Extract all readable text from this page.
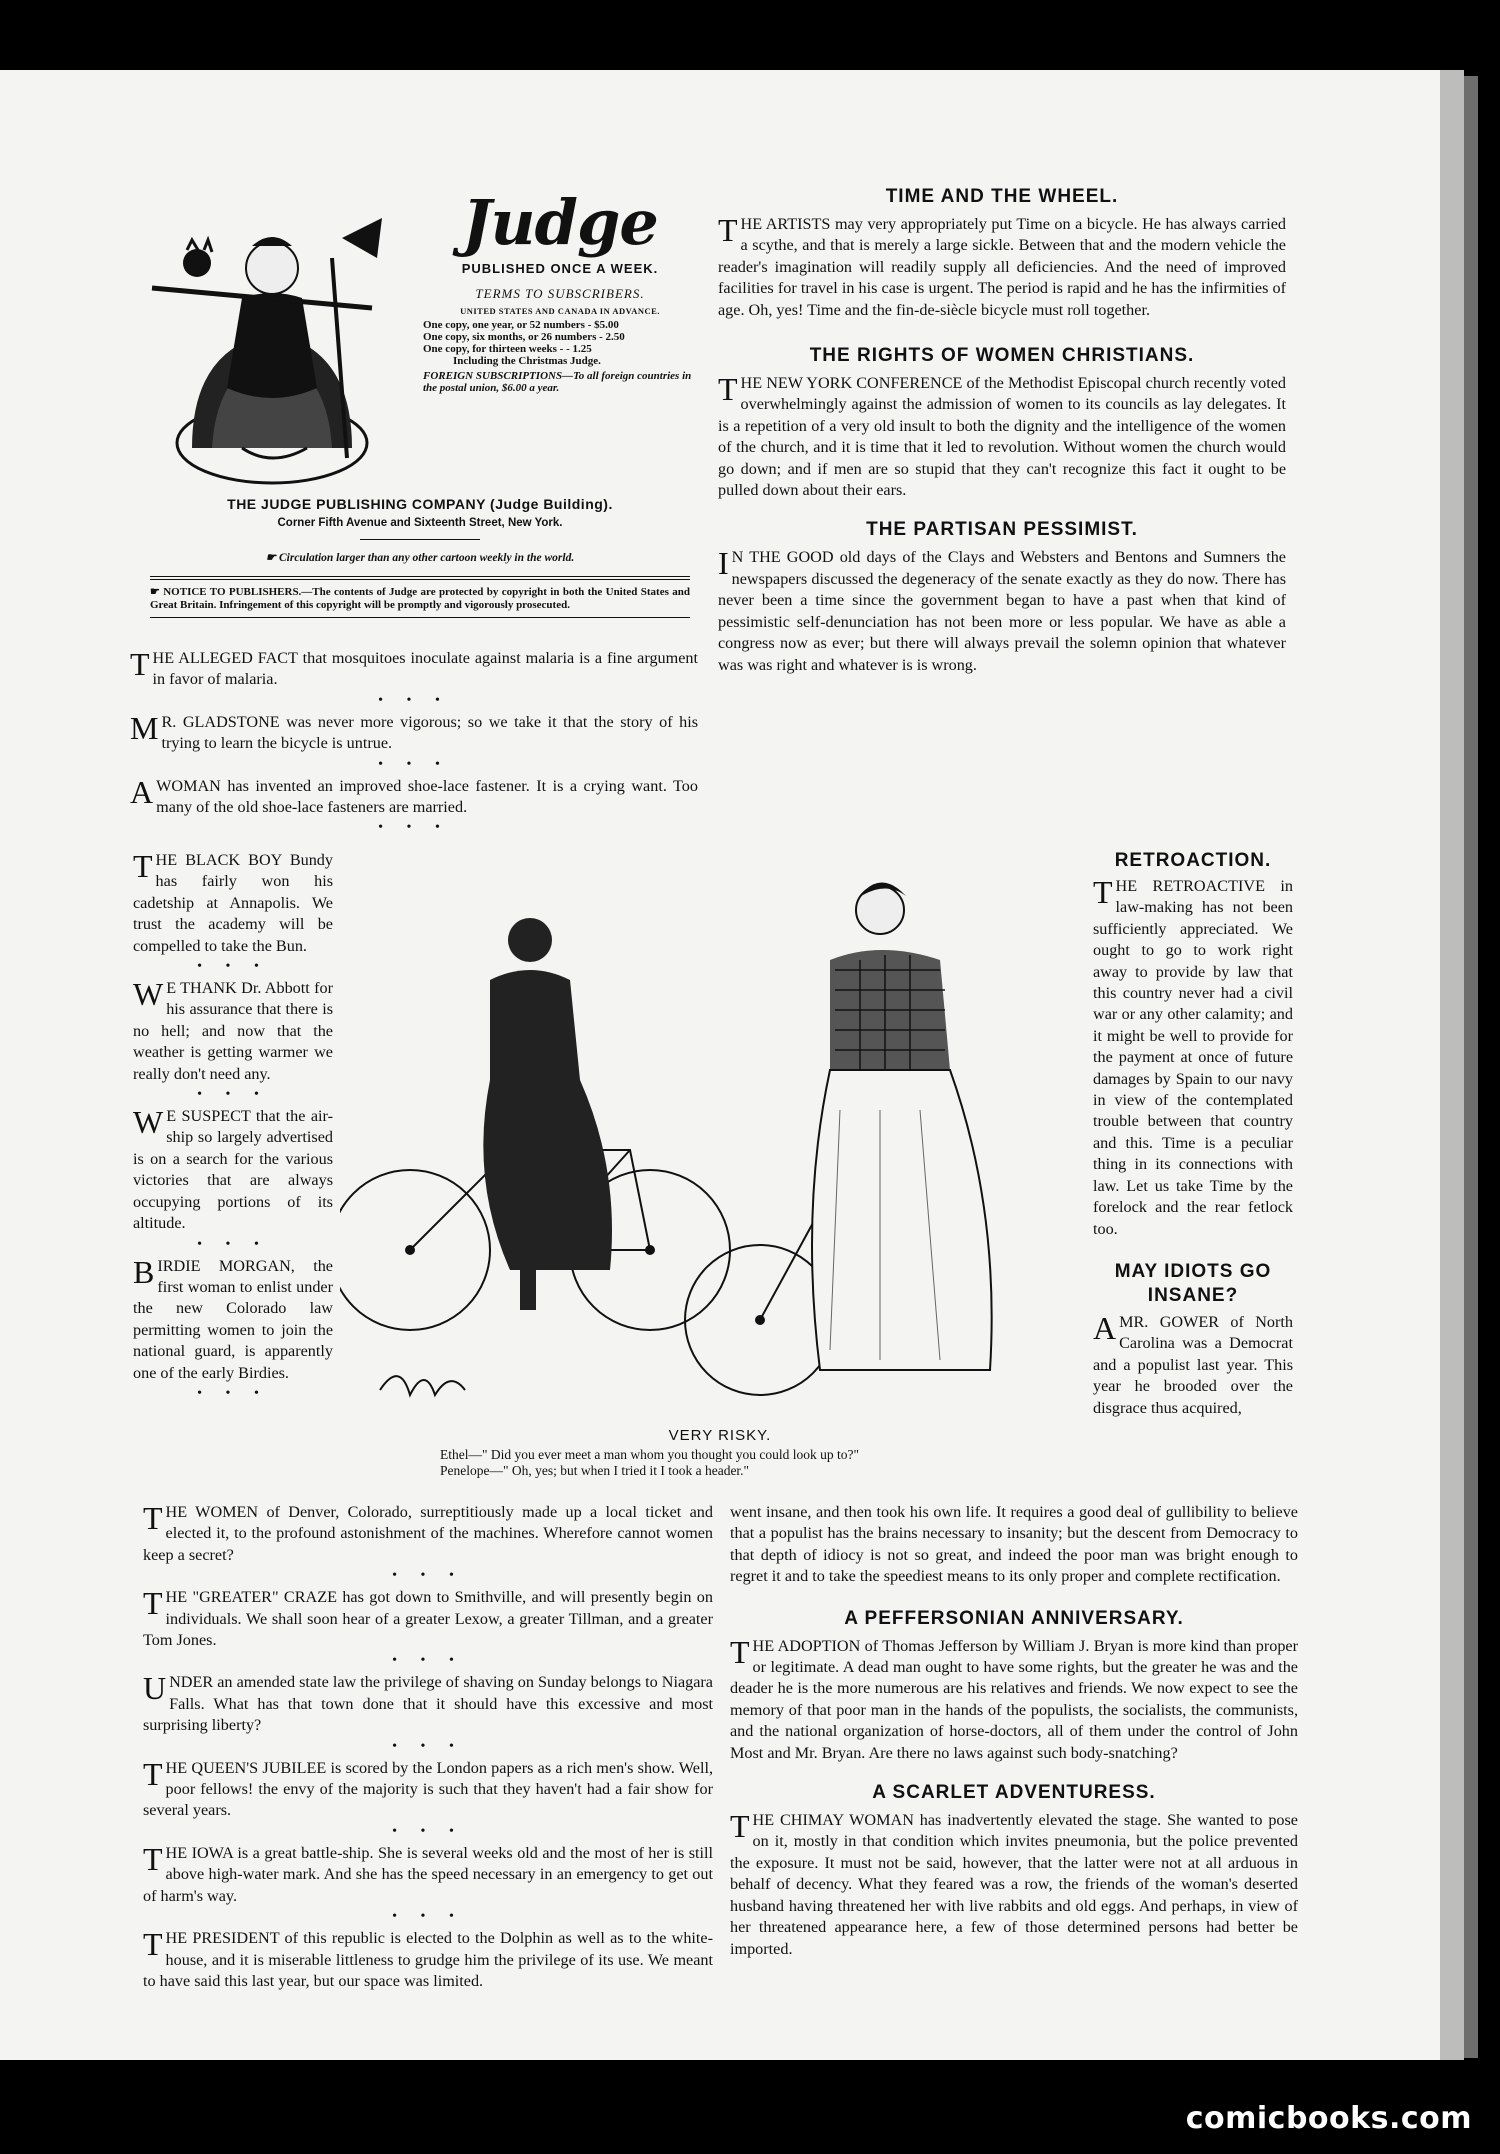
Judge
PUBLISHED ONCE A WEEK.
TERMS TO SUBSCRIBERS.
UNITED STATES AND CANADA IN ADVANCE.
One copy, one year, or 52 numbers - $5.00
One copy, six months, or 26 numbers - 2.50
One copy, for thirteen weeks - - 1.25
Including the Christmas Judge.
FOREIGN SUBSCRIPTIONS—To all foreign countries in the postal union, $6.00 a year.
THE JUDGE PUBLISHING COMPANY (Judge Building).
Corner Fifth Avenue and Sixteenth Street, New York.
☛ Circulation larger than any other cartoon weekly in the world.
☛ NOTICE TO PUBLISHERS.—The contents of Judge are protected by copyright in both the United States and Great Britain. Infringement of this copyright will be promptly and vigorously prosecuted.

THE ALLEGED FACT that mosquitoes inoculate against malaria is a fine argument in favor of malaria.

• • •

M R. GLADSTONE was never more vigorous; so we take it that the story of his trying to learn the bicycle is untrue.

• • •

A WOMAN has invented an improved shoe-lace fastener. It is a crying want. Too many of the old shoe-lace fasteners are married.

• • •

THE BLACK BOY Bundy has fairly won his cadetship at Annapolis. We trust the academy will be compelled to take the Bun.

• • •

W E THANK Dr. Abbott for his assurance that there is no hell; and now that the weather is getting warmer we really don't need any.

• • •

W E SUSPECT that the air-ship so largely advertised is on a search for the various victories that are always occupying portions of its altitude.

• • •

BIRDIE MORGAN, the first woman to enlist under the new Colorado law permitting women to join the national guard, is apparently one of the early Birdies.

• • •
VERY RISKY.
Ethel—" Did you ever meet a man whom you thought you could look up to?"
Penelope—" Oh, yes; but when I tried it I took a header."

THE WOMEN of Denver, Colorado, surreptitiously made up a local ticket and elected it, to the profound astonishment of the machines. Wherefore cannot women keep a secret?

• • •

THE "GREATER" CRAZE has got down to Smithville, and will presently begin on individuals. We shall soon hear of a greater Lexow, a greater Tillman, and a greater Tom Jones.

• • •

UNDER an amended state law the privilege of shaving on Sunday belongs to Niagara Falls. What has that town done that it should have this excessive and most surprising liberty?

• • •

THE QUEEN'S JUBILEE is scored by the London papers as a rich men's show. Well, poor fellows! the envy of the majority is such that they haven't had a fair show for several years.

• • •

THE IOWA is a great battle-ship. She is several weeks old and the most of her is still above high-water mark. And she has the speed necessary in an emergency to get out of harm's way.

• • •

THE PRESIDENT of this republic is elected to the Dolphin as well as to the white-house, and it is miserable littleness to grudge him the privilege of its use. We meant to have said this last year, but our space was limited.

TIME AND THE WHEEL.

THE ARTISTS may very appropriately put Time on a bicycle. He has always carried a scythe, and that is merely a large sickle. Between that and the modern vehicle the reader's imagination will readily supply all deficiencies. And the need of improved facilities for travel in his case is urgent. The period is rapid and he has the infirmities of age. Oh, yes! Time and the fin-de-siècle bicycle must roll together.

THE RIGHTS OF WOMEN CHRISTIANS.

THE NEW YORK CONFERENCE of the Methodist Episcopal church recently voted overwhelmingly against the admission of women to its councils as lay delegates. It is a repetition of a very old insult to both the dignity and the intelligence of the women of the church, and it is time that it led to revolution. Without women the church would go down; and if men are so stupid that they can't recognize this fact it ought to be pulled down about their ears.

THE PARTISAN PESSIMIST.

I N THE GOOD old days of the Clays and Websters and Bentons and Sumners the newspapers discussed the degeneracy of the senate exactly as they do now. There has never been a time since the government began to have a past when that kind of pessimistic self-denunciation has not been more or less popular. We have as able a congress now as ever; but there will always prevail the solemn opinion that whatever was was right and whatever is is wrong.

RETROACTION.

THE RETROACTIVE in law-making has not been sufficiently appreciated. We ought to go to work right away to provide by law that this country never had a civil war or any other calamity; and it might be well to provide for the payment at once of future damages by Spain to our navy in view of the contemplated trouble between that country and this. Time is a peculiar thing in its connections with law. Let us take Time by the forelock and the rear fetlock too.

MAY IDIOTS GO INSANE?

A MR. GOWER of North Carolina was a Democrat and a populist last year. This year he brooded over the disgrace thus acquired,

went insane, and then took his own life. It requires a good deal of gullibility to believe that a populist has the brains necessary to insanity; but the descent from Democracy to that depth of idiocy is not so great, and indeed the poor man was bright enough to regret it and to take the speediest means to its only proper and complete rectification.

A PEFFERSONIAN ANNIVERSARY.

THE ADOPTION of Thomas Jefferson by William J. Bryan is more kind than proper or legitimate. A dead man ought to have some rights, but the greater he was and the deader he is the more numerous are his relatives and friends. We now expect to see the memory of that poor man in the hands of the populists, the socialists, the communists, and the national organization of horse-doctors, all of them under the control of John Most and Mr. Bryan. Are there no laws against such body-snatching?

A SCARLET ADVENTURESS.

THE CHIMAY WOMAN has inadvertently elevated the stage. She wanted to pose on it, mostly in that condition which invites pneumonia, but the police prevented the exposure. It must not be said, however, that the latter were not at all arduous in behalf of decency. What they feared was a row, the friends of the woman's deserted husband having threatened her with live rabbits and old eggs. And perhaps, in view of her threatened appearance here, a few of those determined persons had better be imported.

comicbooks.com
